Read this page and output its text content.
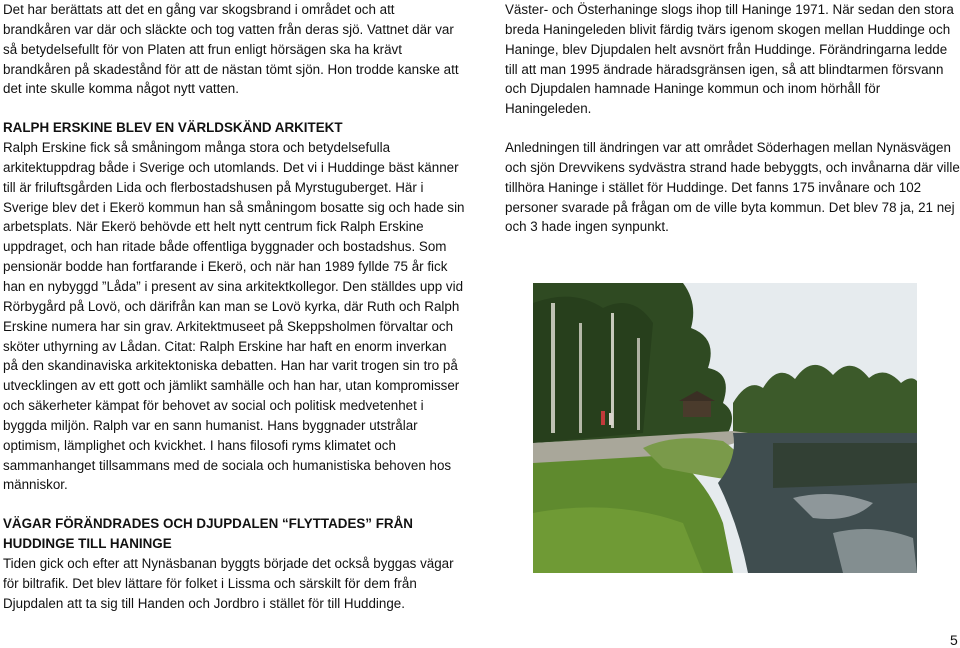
Det har berättats att det en gång var skogsbrand i området och att brandkåren var där och släckte och tog vatten från deras sjö. Vattnet där var så betydelsefullt för von Platen att frun enligt hörsägen ska ha krävt brandkåren på skadestånd för att de nästan tömt sjön. Hon trodde kanske att det inte skulle komma något nytt vatten.

RALPH ERSKINE BLEV EN VÄRLDSKÄND ARKITEKT

Ralph Erskine fick så småningom många stora och betydelsefulla arkitektuppdrag både i Sverige och utomlands. Det vi i Huddinge bäst känner till är friluftsgården Lida och flerbostadshusen på Myrstuguberget. Här i Sverige blev det i Ekerö kommun han så småningom bosatte sig och hade sin arbetsplats. När Ekerö behövde ett helt nytt centrum fick Ralph Erskine uppdraget, och han ritade både offentliga byggnader och bostadshus. Som pensionär bodde han fortfarande i Ekerö, och när han 1989 fyllde 75 år fick han en nybyggd ”Låda” i present av sina arkitektkollegor. Den ställdes upp vid Rörbygård på Lovö, och därifrån kan man se Lovö kyrka, där Ruth och Ralph Erskine numera har sin grav. Arkitektmuseet på Skeppsholmen förvaltar och sköter uthyrning av Lådan. Citat: Ralph Erskine har haft en enorm inverkan på den skandinaviska arkitektoniska debatten. Han har varit trogen sin tro på utvecklingen av ett gott och jämlikt samhälle och han har, utan kompromisser och säkerheter kämpat för behovet av social och politisk medvetenhet i byggda miljön. Ralph var en sann humanist. Hans byggnader utstrålar optimism, lämplighet och kvickhet. I hans filosofi ryms klimatet och sammanhanget tillsammans med de sociala och humanistiska behoven hos människor.

VÄGAR FÖRÄNDRADES OCH DJUPDALEN “FLYTTADES” FRÅN HUDDINGE TILL HANINGE

Tiden gick och efter att Nynäsbanan byggts började det också byggas vägar för biltrafik. Det blev lättare för folket i Lissma och särskilt för dem från Djupdalen att ta sig till Handen och Jordbro i stället för till Huddinge.

Väster- och Österhaninge slogs ihop till Haninge 1971. När sedan den stora breda Haningeleden blivit färdig tvärs igenom skogen mellan Huddinge och Haninge, blev Djupdalen helt avsnört från Huddinge. Förändringarna ledde till att man 1995 ändrade häradsgränsen igen, så att blindtarmen försvann och Djupdalen hamnade Haninge kommun och inom hörhåll för Haningeleden.

Anledningen till ändringen var att området Söderhagen mellan Nynäsvägen och sjön Drevvikens sydvästra strand hade bebyggts, och invånarna där ville tillhöra Haninge i stället för Huddinge. Det fanns 175 invånare och 102 personer svarade på frågan om de ville byta kommun. Det blev 78 ja, 21 nej och 3 hade ingen synpunkt.

5
